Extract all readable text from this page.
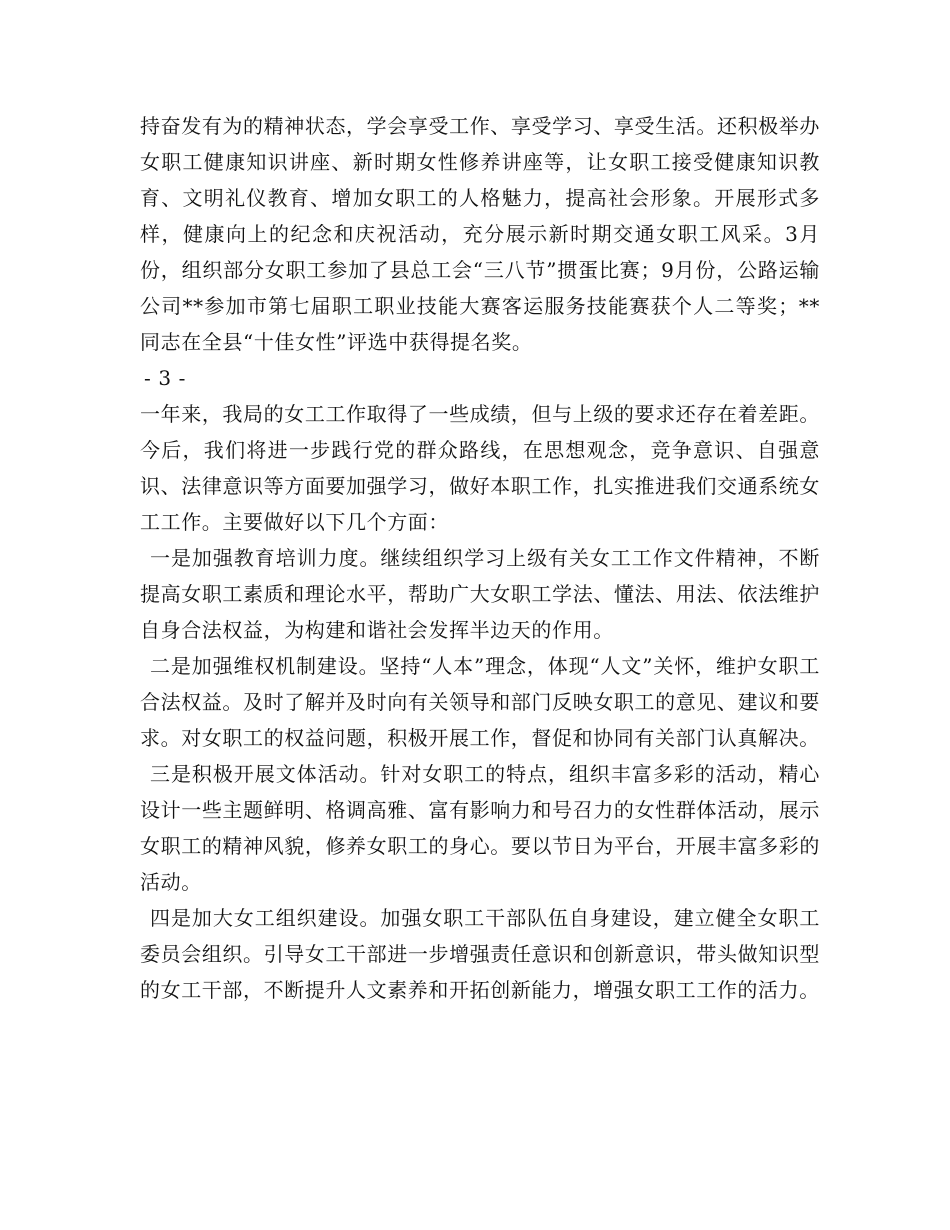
持奋发有为的精神状态，学会享受工作、享受学习、享受生活。还积极举办女职工健康知识讲座、新时期女性修养讲座等，让女职工接受健康知识教育、文明礼仪教育、增加女职工的人格魅力，提高社会形象。开展形式多样，健康向上的纪念和庆祝活动，充分展示新时期交通女职工风采。3月份，组织部分女职工参加了县总工会“三八节”掼蛋比赛；9月份，公路运输公司**参加市第七届职工职业技能大赛客运服务技能赛获个人二等奖；**同志在全县“十佳女性”评选中获得提名奖。

- 3 -

一年来，我局的女工工作取得了一些成绩，但与上级的要求还存在着差距。今后，我们将进一步践行党的群众路线，在思想观念，竞争意识、自强意识、法律意识等方面要加强学习，做好本职工作，扎实推进我们交通系统女工工作。主要做好以下几个方面：

一是加强教育培训力度。继续组织学习上级有关女工工作文件精神，不断提高女职工素质和理论水平，帮助广大女职工学法、懂法、用法、依法维护自身合法权益，为构建和谐社会发挥半边天的作用。

二是加强维权机制建设。坚持“人本”理念，体现“人文”关怀，维护女职工合法权益。及时了解并及时向有关领导和部门反映女职工的意见、建议和要求。对女职工的权益问题，积极开展工作，督促和协同有关部门认真解决。

三是积极开展文体活动。针对女职工的特点，组织丰富多彩的活动，精心设计一些主题鲜明、格调高雅、富有影响力和号召力的女性群体活动，展示女职工的精神风貌，修养女职工的身心。要以节日为平台，开展丰富多彩的活动。

四是加大女工组织建设。加强女职工干部队伍自身建设，建立健全女职工委员会组织。引导女工干部进一步增强责任意识和创新意识，带头做知识型的女工干部，不断提升人文素养和开拓创新能力，增强女职工工作的活力。
